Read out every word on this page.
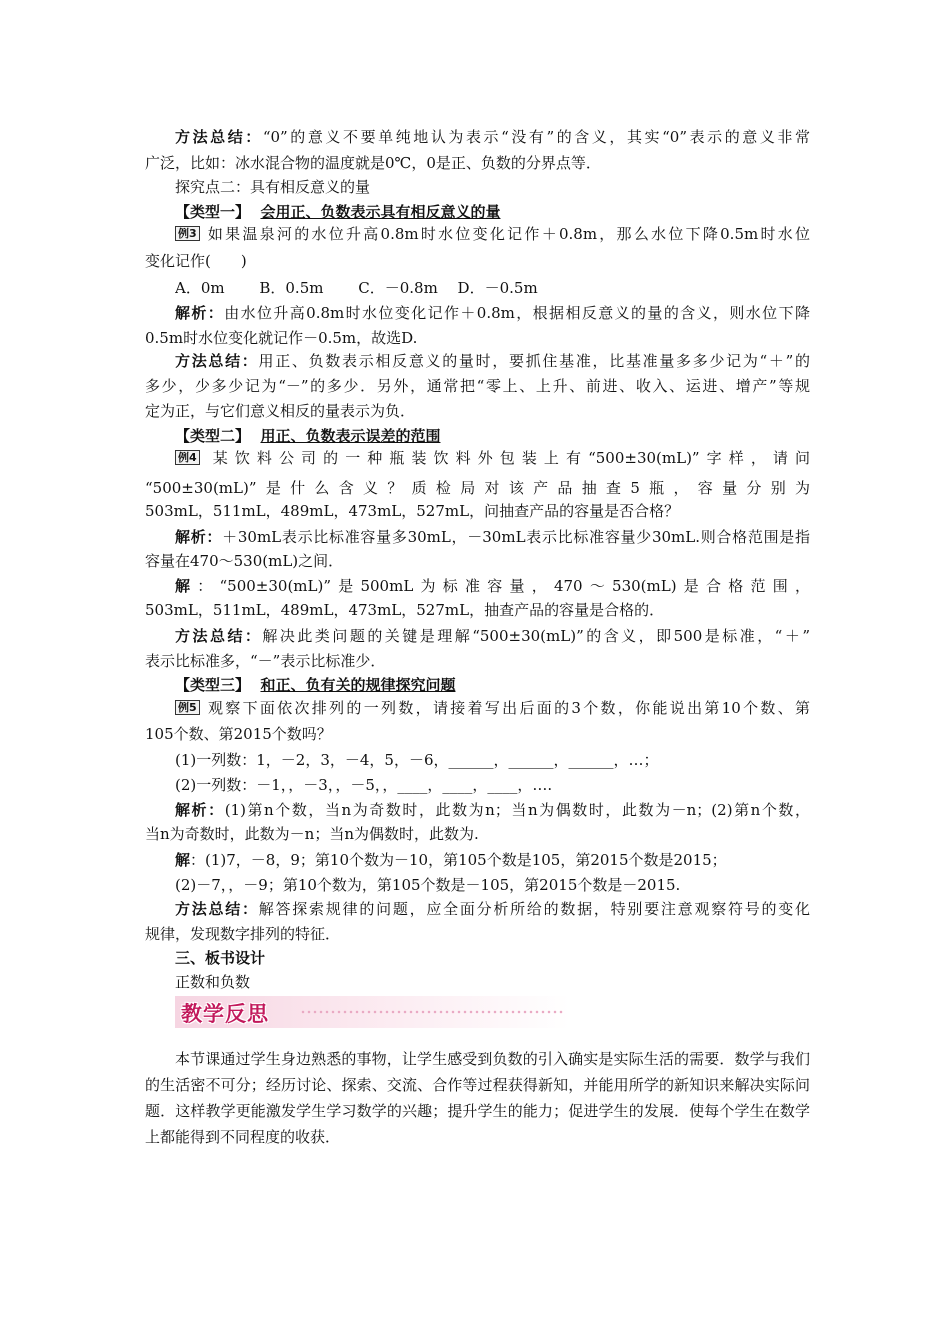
方法总结：“0”的意义不要单纯地认为表示“没有”的含义，其实“0”表示的意义非常
广泛，比如：冰水混合物的温度就是0℃，0是正、负数的分界点等．
探究点二：具有相反意义的量
【类型一】 会用正、负数表示具有相反意义的量
例3 如果温泉河的水位升高0.8m时水位变化记作＋0.8m，那么水位下降0.5m时水位
变化记作(　　)
A．0m　　 B．0.5m　　 C．－0.8m　 D．－0.5m
解析：由水位升高0.8m时水位变化记作＋0.8m，根据相反意义的量的含义，则水位下降
0.5m时水位变化就记作－0.5m，故选D.
方法总结：用正、负数表示相反意义的量时，要抓住基准，比基准量多多少记为“＋”的
多少，少多少记为“－”的多少．另外，通常把“零上、上升、前进、收入、运进、增产”等规
定为正，与它们意义相反的量表示为负．
【类型二】 用正、负数表示误差的范围
例4 某饮料公司的一种瓶装饮料外包装上有“500±30(mL)”字样，请问
“500±30(mL)”是什么含义？质检局对该产品抽查5瓶，容量分别为
503mL，511mL，489mL，473mL，527mL，问抽查产品的容量是否合格？
解析：＋30mL表示比标准容量多30mL，－30mL表示比标准容量少30mL.则合格范围是指
容量在470～530(mL)之间．
解：“500±30(mL)”是500mL为标准容量，470～530(mL)是合格范围，
503mL，511mL，489mL，473mL，527mL，抽查产品的容量是合格的．
方法总结：解决此类问题的关键是理解“500±30(mL)”的含义，即500是标准，“＋”
表示比标准多，“－”表示比标准少．
【类型三】 和正、负有关的规律探究问题
例5 观察下面依次排列的一列数，请接着写出后面的3个数，你能说出第10个数、第
105个数、第2015个数吗？
(1)一列数：1，－2，3，－4，5，－6，______，______，______，…；
(2)一列数：－1，，－3，，－5，，____，____，____，….
解析：(1)第n个数，当n为奇数时，此数为n；当n为偶数时，此数为－n；(2)第n个数，
当n为奇数时，此数为－n；当n为偶数时，此数为.
解：(1)7，－8，9；第10个数为－10，第105个数是105，第2015个数是2015；
(2)－7，，－9；第10个数为，第105个数是－105，第2015个数是－2015.
方法总结：解答探索规律的问题，应全面分析所给的数据，特别要注意观察符号的变化
规律，发现数字排列的特征．
三、板书设计
正数和负数
教学反思
本节课通过学生身边熟悉的事物，让学生感受到负数的引入确实是实际生活的需要．数学与我们的生活密不可分；经历讨论、探索、交流、合作等过程获得新知，并能用所学的新知识来解决实际问题．这样教学更能激发学生学习数学的兴趣；提升学生的能力；促进学生的发展．使每个学生在数学上都能得到不同程度的收获．
